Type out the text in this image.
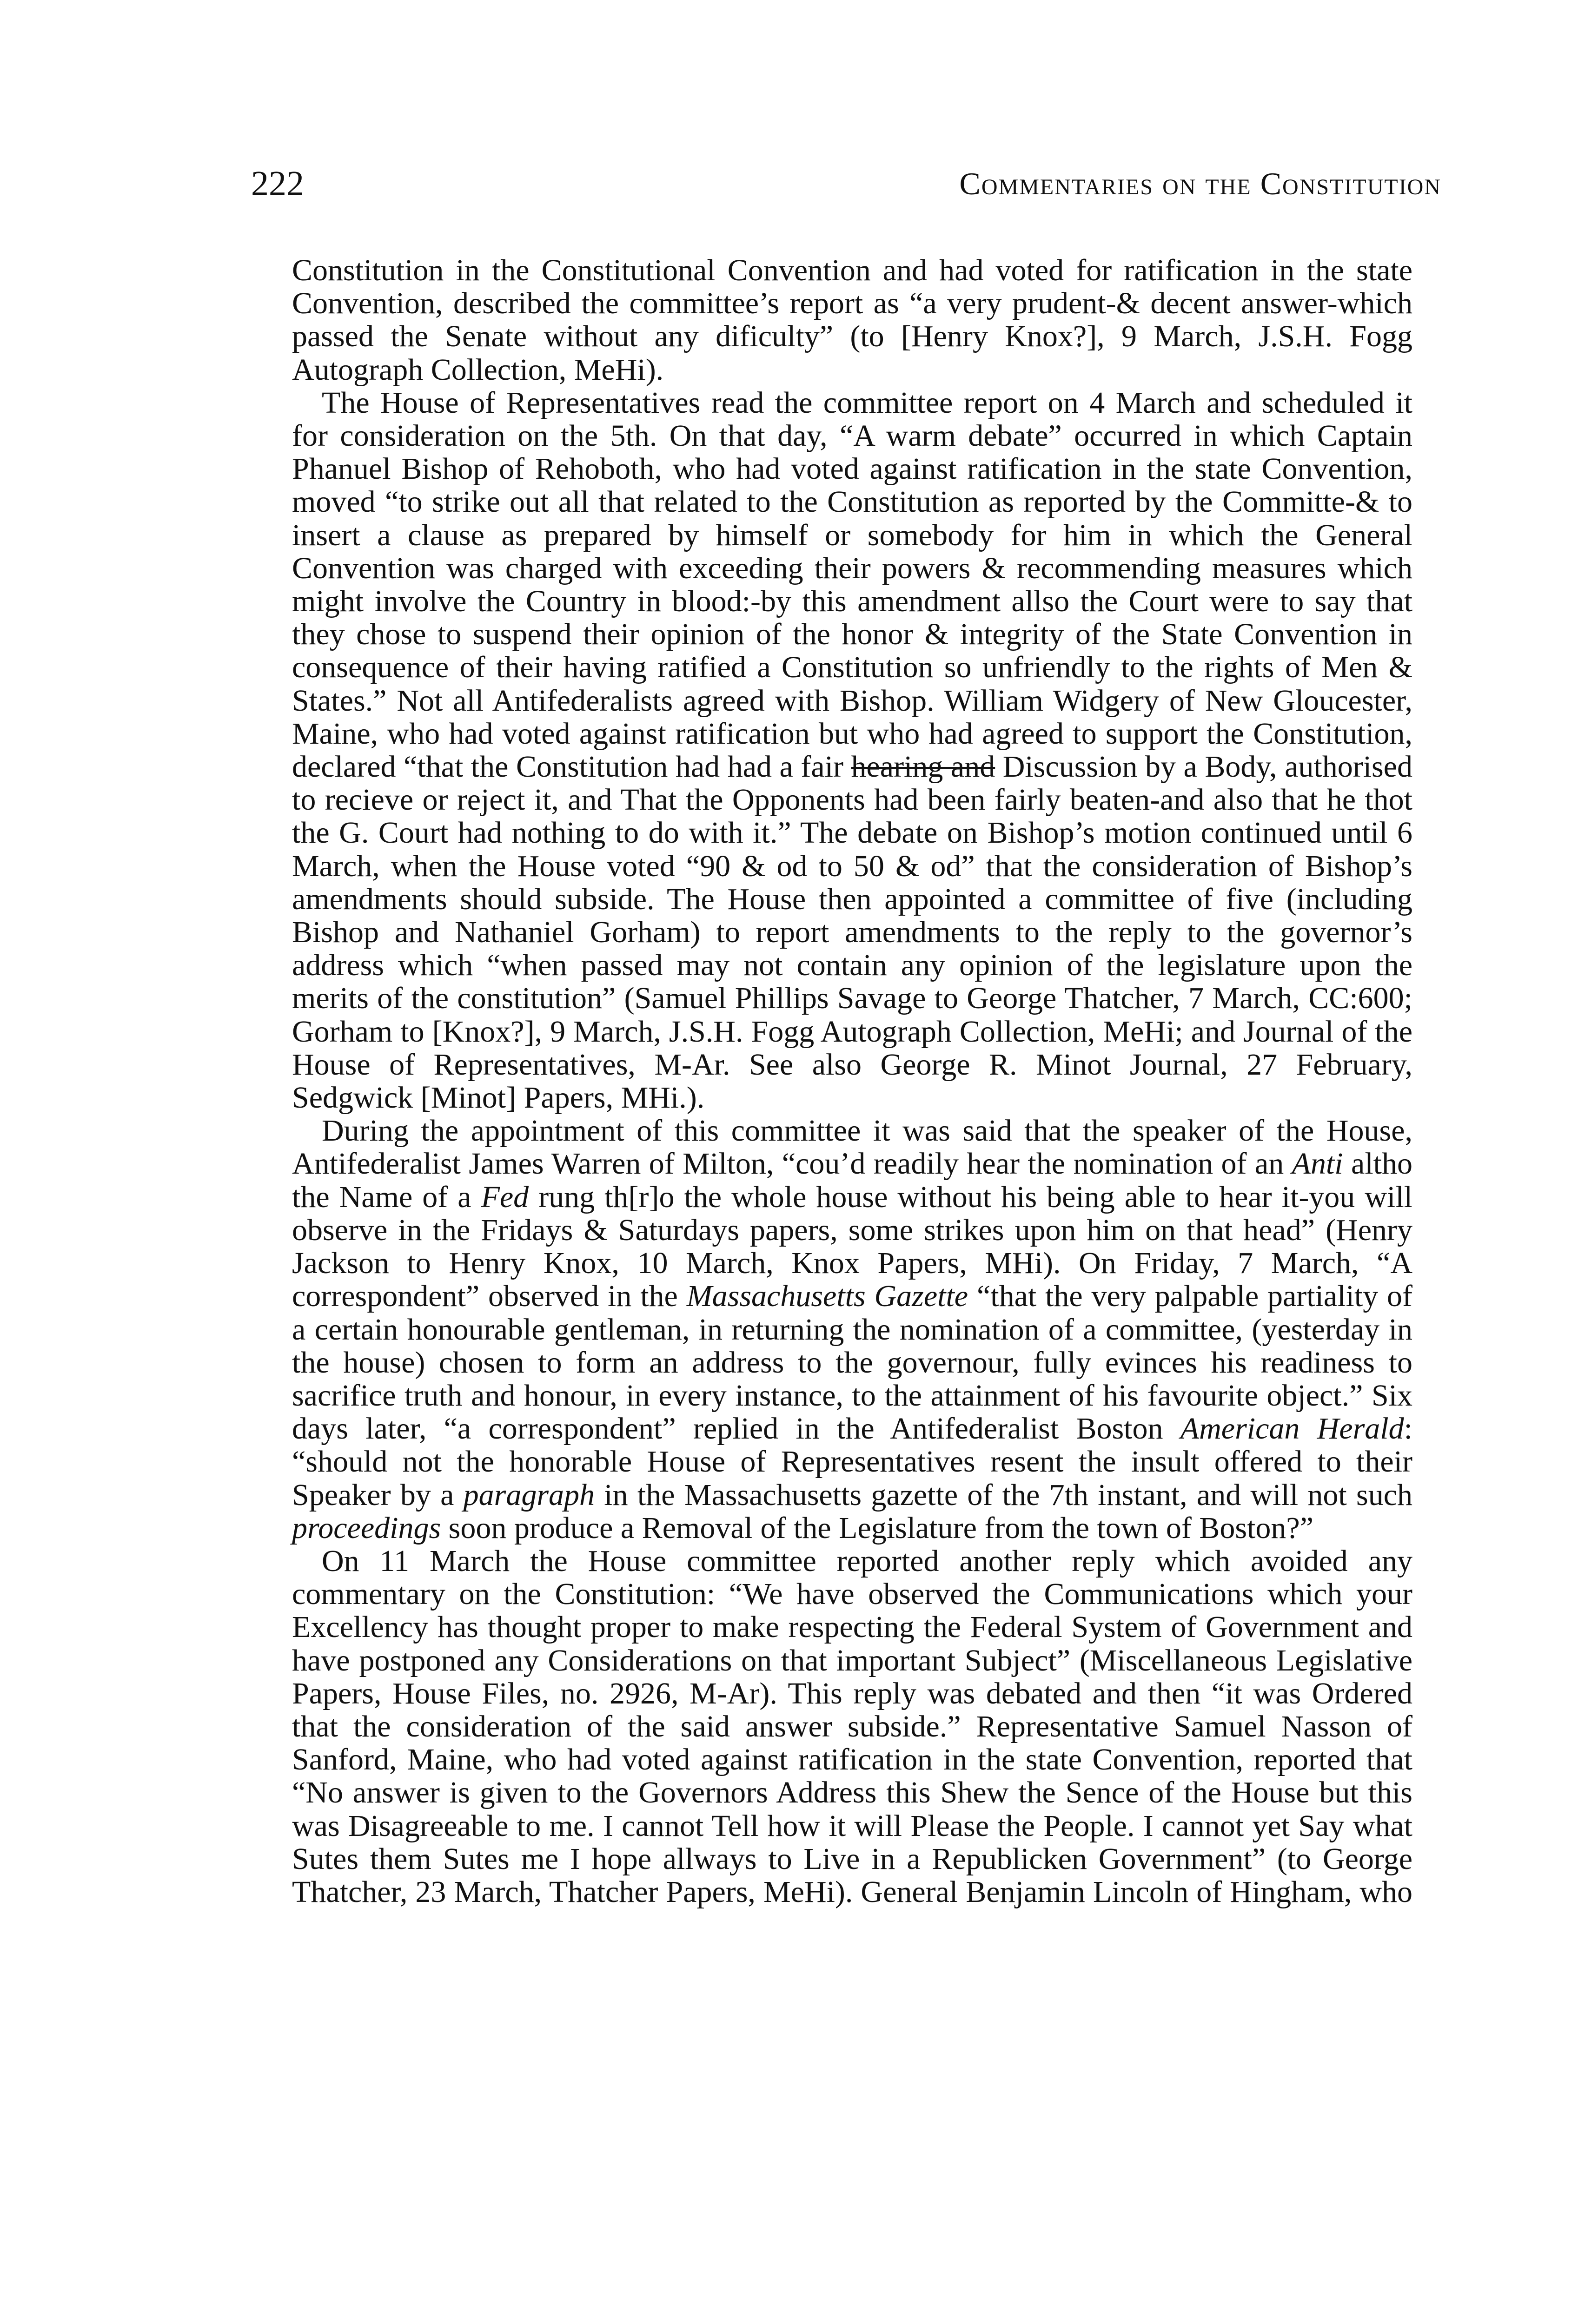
222	Commentaries on the Constitution

Constitution in the Constitutional Convention and had voted for ratification in the state Convention, described the committee’s report as “a very prudent-& decent answer-which passed the Senate without any dificulty” (to [Henry Knox?], 9 March, J.S.H. Fogg Autograph Collection, MeHi).

The House of Representatives read the committee report on 4 March and scheduled it for consideration on the 5th. On that day, “A warm debate” occurred in which Captain Phanuel Bishop of Rehoboth, who had voted against ratification in the state Convention, moved “to strike out all that related to the Constitution as reported by the Committe-& to insert a clause as prepared by himself or somebody for him in which the General Convention was charged with exceeding their powers & recommending measures which might involve the Country in blood:-by this amendment allso the Court were to say that they chose to suspend their opinion of the honor & integrity of the State Convention in consequence of their having ratified a Constitution so unfriendly to the rights of Men & States.” Not all Antifederalists agreed with Bishop. William Widgery of New Gloucester, Maine, who had voted against ratification but who had agreed to support the Constitution, declared “that the Constitution had had a fair hearing and Discussion by a Body, authorised to recieve or reject it, and That the Opponents had been fairly beaten-and also that he thot the G. Court had nothing to do with it.” The debate on Bishop’s motion continued until 6 March, when the House voted “90 & od to 50 & od” that the consideration of Bishop’s amendments should subside. The House then appointed a committee of five (including Bishop and Nathaniel Gorham) to report amendments to the reply to the governor’s address which “when passed may not contain any opinion of the legislature upon the merits of the constitution” (Samuel Phillips Savage to George Thatcher, 7 March, CC:600; Gorham to [Knox?], 9 March, J.S.H. Fogg Autograph Collection, MeHi; and Journal of the House of Representatives, M-Ar. See also George R. Minot Journal, 27 February, Sedgwick [Minot] Papers, MHi.).

During the appointment of this committee it was said that the speaker of the House, Antifederalist James Warren of Milton, “cou’d readily hear the nomination of an Anti altho the Name of a Fed rung th[r]o the whole house without his being able to hear it-you will observe in the Fridays & Saturdays papers, some strikes upon him on that head” (Henry Jackson to Henry Knox, 10 March, Knox Papers, MHi). On Friday, 7 March, “A correspondent” observed in the Massachusetts Gazette “that the very palpable partiality of a certain honourable gentleman, in returning the nomination of a committee, (yesterday in the house) chosen to form an address to the governour, fully evinces his readiness to sacrifice truth and honour, in every instance, to the attainment of his favourite object.” Six days later, “a correspondent” replied in the Antifederalist Boston American Herald: “should not the honorable House of Representatives resent the insult offered to their Speaker by a paragraph in the Massachusetts gazette of the 7th instant, and will not such proceedings soon produce a Removal of the Legislature from the town of Boston?”

On 11 March the House committee reported another reply which avoided any commentary on the Constitution: “We have observed the Communications which your Excellency has thought proper to make respecting the Federal System of Government and have postponed any Considerations on that important Subject” (Miscellaneous Legislative Papers, House Files, no. 2926, M-Ar). This reply was debated and then “it was Ordered that the consideration of the said answer subside.” Representative Samuel Nasson of Sanford, Maine, who had voted against ratification in the state Convention, reported that “No answer is given to the Governors Address this Shew the Sence of the House but this was Disagreeable to me. I cannot Tell how it will Please the People. I cannot yet Say what Sutes them Sutes me I hope allways to Live in a Republicken Government” (to George Thatcher, 23 March, Thatcher Papers, MeHi). General Benjamin Lincoln of Hingham, who
